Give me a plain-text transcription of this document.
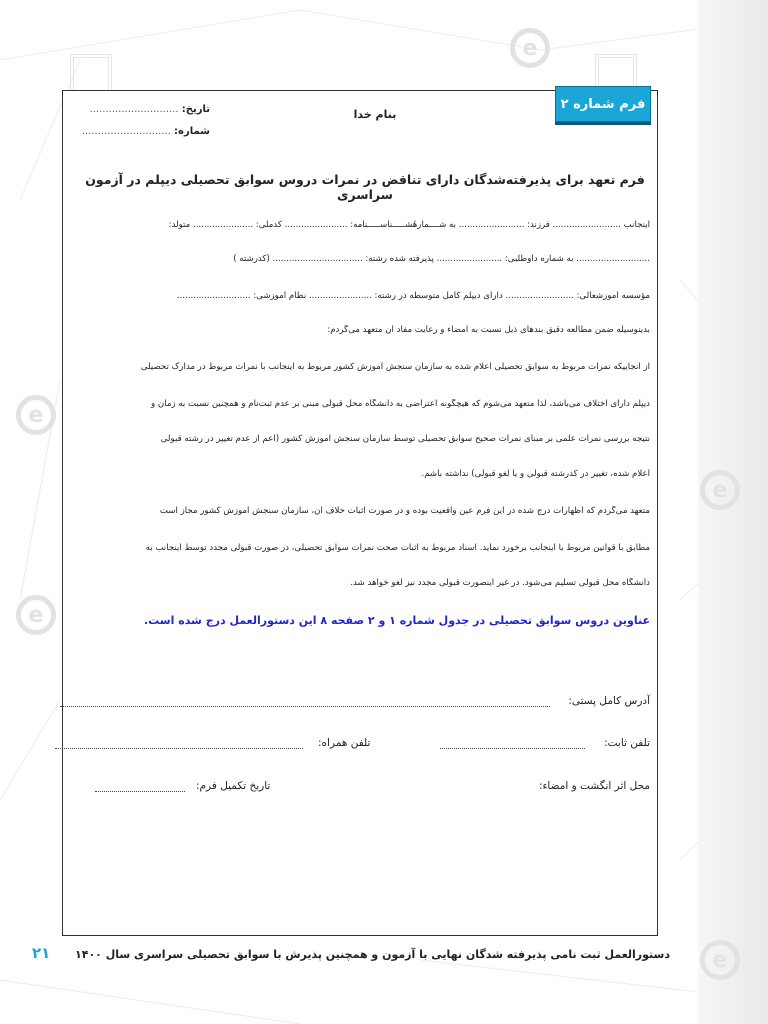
e
e
e
e
e
فرم شماره ۲
بنام خدا
تاریخ: ............................
شماره: ............................
فرم تعهد برای پذیرفته‌شدگان دارای تناقض در نمرات دروس سوابق تحصیلی دیپلم در آزمون سراسری
اینجانب ......................... فرزند: ........................ به شــــمارهٔشـــــناســـــنامه: ....................... کدملی: ...................... متولد:
........................... به شماره داوطلبی: ........................ پذیرفته شده رشته: ................................. (کدرشته )
مؤسسه آموزشعالی: ......................... دارای دیپلم کامل متوسطه در رشته: ....................... نظام آموزشی: ...........................
بدینوسیله ضمن مطالعه دقیق بندهای ذیل نسبت به امضاء و رعایت مفاد آن متعهد می‌گردم:
از آنجاییکه نمرات مربوط به سوابق تحصیلی اعلام شده به سازمان سنجش آموزش کشور مربوط به اینجانب با نمرات مربوط در مدارک تحصیلی
دیپلم دارای اختلاف می‌باشد، لذا متعهد می‌شوم که هیچگونه اعتراضی به دانشگاه محل قبولی مبنی بر عدم ثبت‌نام و همچنین نسبت به زمان و
نتیجه بررسی نمرات علمی بر مبنای نمرات صحیح سوابق تحصیلی توسط سازمان سنجش آموزش کشور (اعم از عدم تغییر در رشته قبولی
اعلام شده، تغییر در کدرشته قبولی و یا لغو قبولی) نداشته باشم.
متعهد می‌گردم که اظهارات درج شده در این فرم عین واقعیت بوده و در صورت اثبات خلاف آن، سازمان سنجش آموزش کشور مجاز است
مطابق با قوانین مربوط با اینجانب برخورد نماید. اسناد مربوط به اثبات صحت نمرات سوابق تحصیلی، در صورت قبولی مجدد توسط اینجانب به
دانشگاه محل قبولی تسلیم می‌شود. در غیر اینصورت قبولی مجدد نیز لغو خواهد شد.
عناوین دروس سوابق تحصیلی در جدول شماره ۱ و ۲ صفحه ۸ این دستورالعمل درج شده است.
آدرس کامل پستی:
تلفن ثابت:
تلفن همراه:
محل اثر انگشت و امضاء:
تاریخ تکمیل فرم:
دستورالعمل ثبت نامی پذیرفته شدگان نهایی با آزمون و همچنین پذیرش با سوابق تحصیلی سراسری سال ۱۴۰۰
۲۱
